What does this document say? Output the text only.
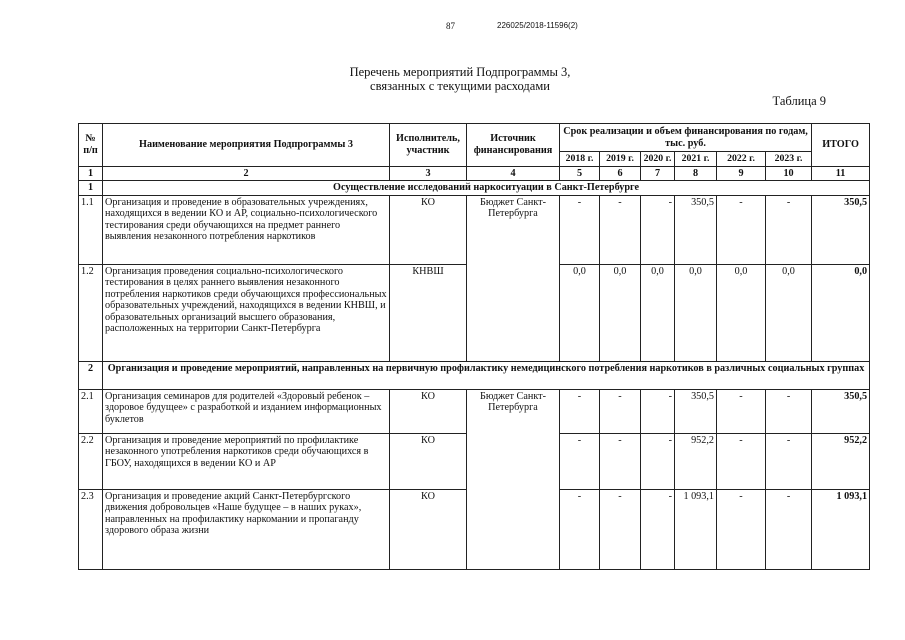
87	226025/2018-11596(2)
Перечень мероприятий Подпрограммы 3,
связанных с текущими расходами
Таблица 9
№ п/п	Наименование мероприятия Подпрограммы 3	Исполнитель, участник	Источник финансирования	Срок реализации и объем финансирования по годам, тыс. руб.						ИТОГО
				2018 г.	2019 г.	2020 г.	2021 г.	2022 г.	2023 г.	
1	2	3	4	5	6	7	8	9	10	11
1	Осуществление исследований наркоситуации в Санкт-Петербурге									
1.1	Организация и проведение в образовательных учреждениях, находящихся в ведении КО и АР, социально-психологического тестирования среди обучающихся на предмет раннего выявления незаконного потребления наркотиков	КО	Бюджет Санкт-Петербурга	-	-	-	350,5	-	-	350,5
1.2	Организация проведения социально-психологического тестирования в целях раннего выявления незаконного потребления наркотиков среди обучающихся профессиональных образовательных учреждений, находящихся в ведении КНВШ, и образовательных организаций высшего образования, расположенных на территории Санкт-Петербурга	КНВШ		0,0	0,0	0,0	0,0	0,0	0,0	0,0
2	Организация и проведение мероприятий, направленных на первичную профилактику немедицинского потребления наркотиков в различных социальных группах									
2.1	Организация семинаров для родителей «Здоровый ребенок – здоровое будущее» с разработкой и изданием информационных буклетов	КО	Бюджет Санкт-Петербурга	-	-	-	350,5	-	-	350,5
2.2	Организация и проведение мероприятий по профилактике незаконного употребления наркотиков среди обучающихся в ГБОУ, находящихся в ведении КО и АР	КО		-	-	-	952,2	-	-	952,2
2.3	Организация и проведение акций Санкт-Петербургского движения добровольцев «Наше будущее – в наших руках», направленных на профилактику наркомании и пропаганду здорового образа жизни	КО		-	-	-	1 093,1	-	-	1 093,1
